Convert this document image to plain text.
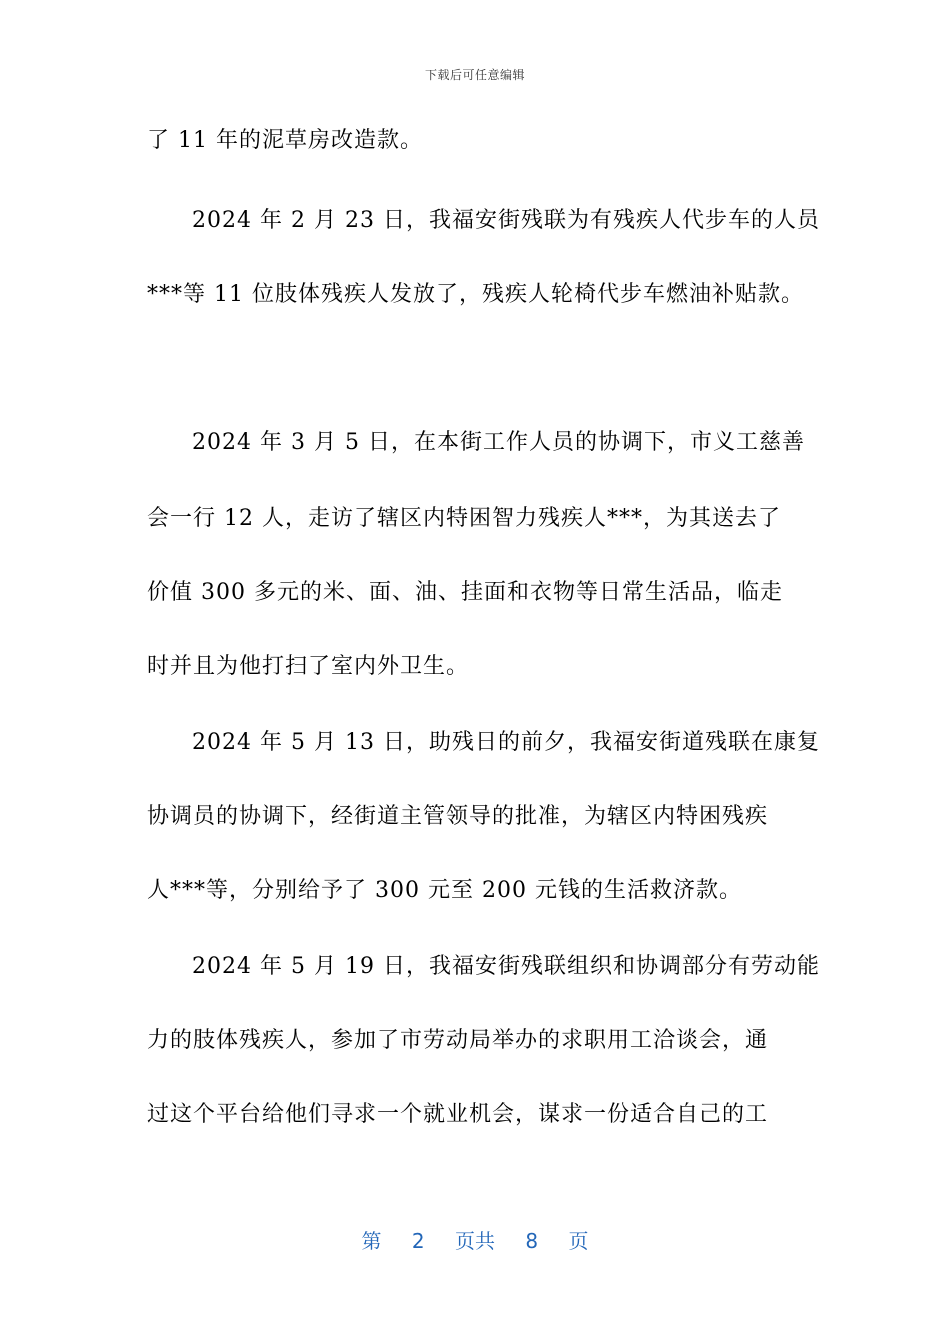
下载后可任意编辑
了 11 年的泥草房改造款。
2024 年 2 月 23 日，我福安街残联为有残疾人代步车的人员
***等 11 位肢体残疾人发放了，残疾人轮椅代步车燃油补贴款。
2024 年 3 月 5 日，在本街工作人员的协调下，市义工慈善
会一行 12 人，走访了辖区内特困智力残疾人***，为其送去了
价值 300 多元的米、面、油、挂面和衣物等日常生活品，临走
时并且为他打扫了室内外卫生。
2024 年 5 月 13 日，助残日的前夕，我福安街道残联在康复
协调员的协调下，经街道主管领导的批准，为辖区内特困残疾
人***等，分别给予了 300 元至 200 元钱的生活救济款。
2024 年 5 月 19 日，我福安街残联组织和协调部分有劳动能
力的肢体残疾人，参加了市劳动局举办的求职用工洽谈会，通
过这个平台给他们寻求一个就业机会，谋求一份适合自己的工
第 2 页共 8 页
